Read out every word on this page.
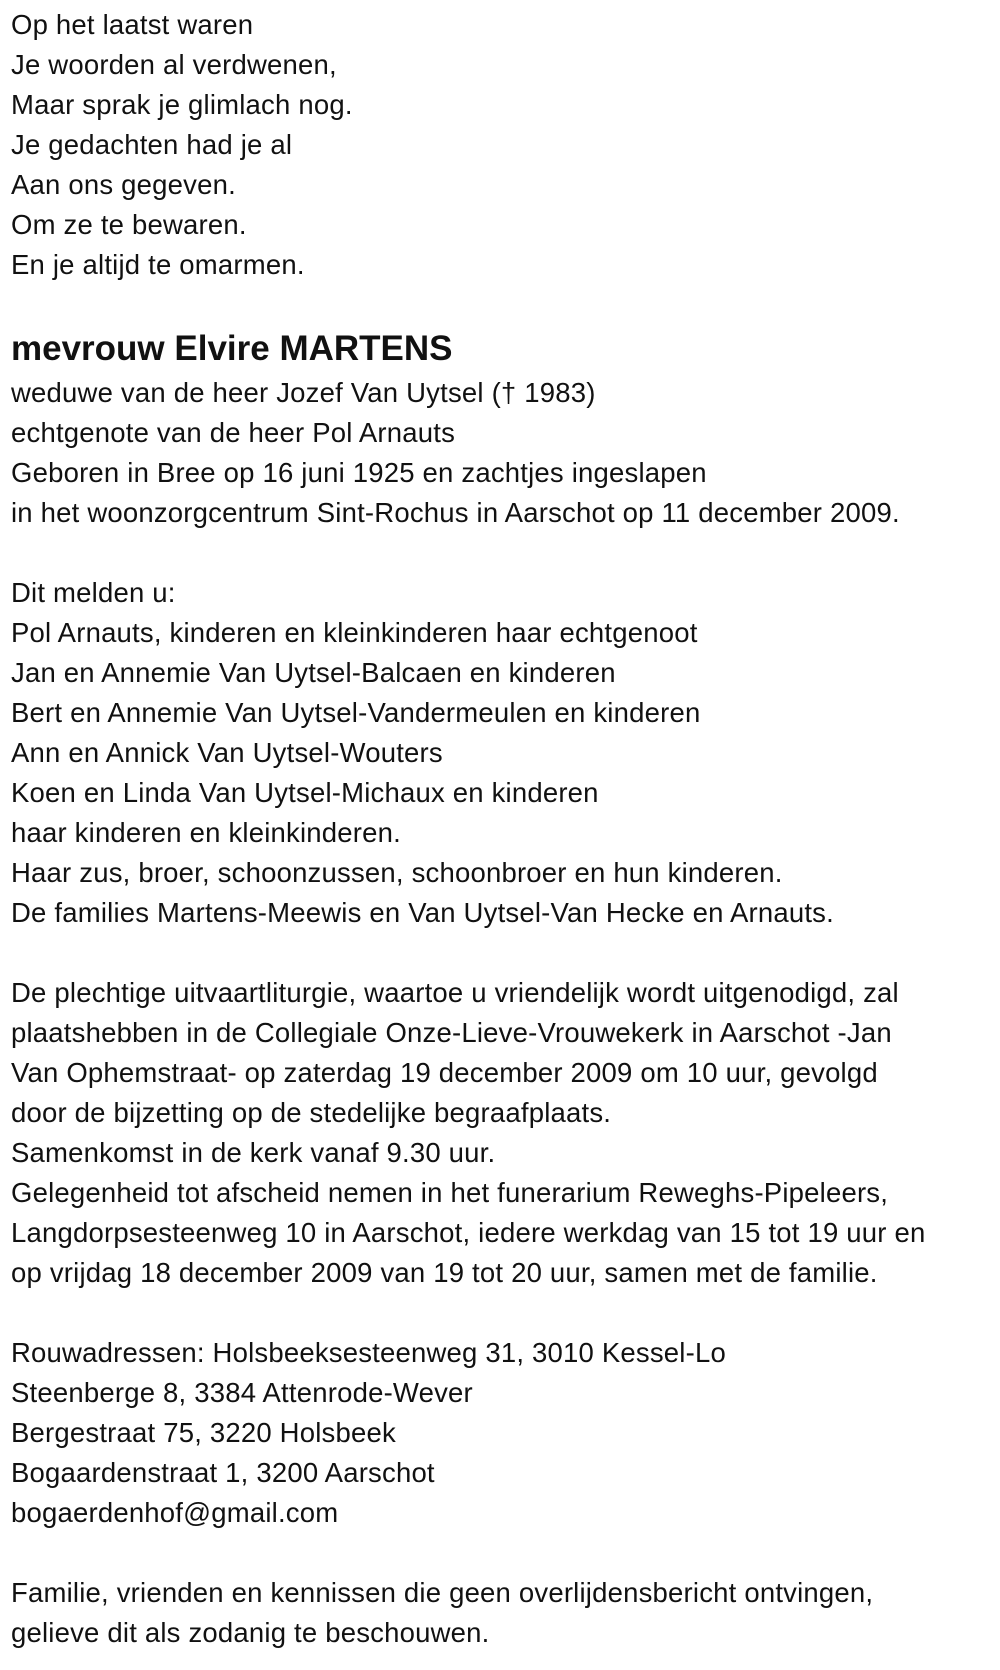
Op het laatst waren
Je woorden al verdwenen,
Maar sprak je glimlach nog.
Je gedachten had je al
Aan ons gegeven.
Om ze te bewaren.
En je altijd te omarmen.
mevrouw Elvire MARTENS
weduwe van de heer Jozef Van Uytsel († 1983)
echtgenote van de heer Pol Arnauts
Geboren in Bree op 16 juni 1925 en zachtjes ingeslapen
in het woonzorgcentrum Sint-Rochus in Aarschot op 11 december 2009.
Dit melden u:
Pol Arnauts, kinderen en kleinkinderen haar echtgenoot
Jan en Annemie Van Uytsel-Balcaen en kinderen
Bert en Annemie Van Uytsel-Vandermeulen en kinderen
Ann en Annick Van Uytsel-Wouters
Koen en Linda Van Uytsel-Michaux en kinderen
haar kinderen en kleinkinderen.
Haar zus, broer, schoonzussen, schoonbroer en hun kinderen.
De families Martens-Meewis en Van Uytsel-Van Hecke en Arnauts.
De plechtige uitvaartliturgie, waartoe u vriendelijk wordt uitgenodigd, zal
plaatshebben in de Collegiale Onze-Lieve-Vrouwekerk in Aarschot -Jan
Van Ophemstraat- op zaterdag 19 december 2009 om 10 uur, gevolgd
door de bijzetting op de stedelijke begraafplaats.
Samenkomst in de kerk vanaf 9.30 uur.
Gelegenheid tot afscheid nemen in het funerarium Reweghs-Pipeleers,
Langdorpsesteenweg 10 in Aarschot, iedere werkdag van 15 tot 19 uur en
op vrijdag 18 december 2009 van 19 tot 20 uur, samen met de familie.
Rouwadressen: Holsbeeksesteenweg 31, 3010 Kessel-Lo
Steenberge 8, 3384 Attenrode-Wever
Bergestraat 75, 3220 Holsbeek
Bogaardenstraat 1, 3200 Aarschot
bogaerdenhof@gmail.com
Familie, vrienden en kennissen die geen overlijdensbericht ontvingen,
gelieve dit als zodanig te beschouwen.
